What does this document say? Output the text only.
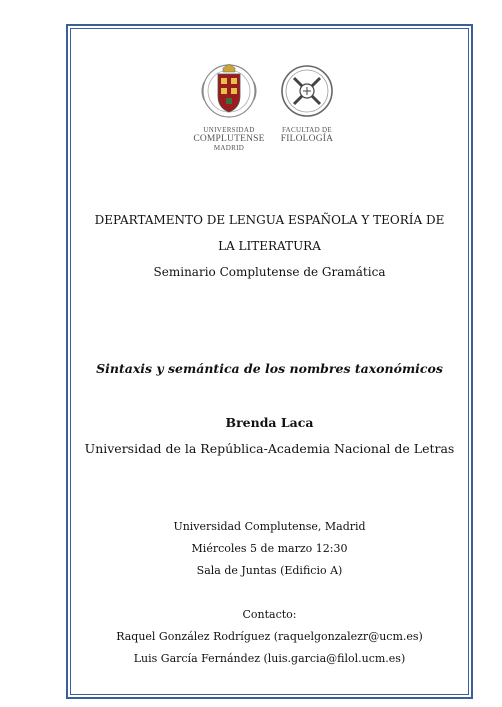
UNIVERSIDAD
COMPLUTENSE
MADRID
FACULTAD DE
FILOLOGÍA
DEPARTAMENTO DE LENGUA ESPAÑOLA Y TEORÍA DE
LA LITERATURA
Seminario Complutense de Gramática
Sintaxis y semántica de los nombres taxonómicos
Brenda Laca
Universidad de la República-Academia Nacional de Letras
Universidad Complutense, Madrid
Miércoles 5 de marzo 12:30
Sala de Juntas (Edificio A)
Contacto:
Raquel González Rodríguez (raquelgonzalezr@ucm.es)
Luis García Fernández (luis.garcia@filol.ucm.es)
